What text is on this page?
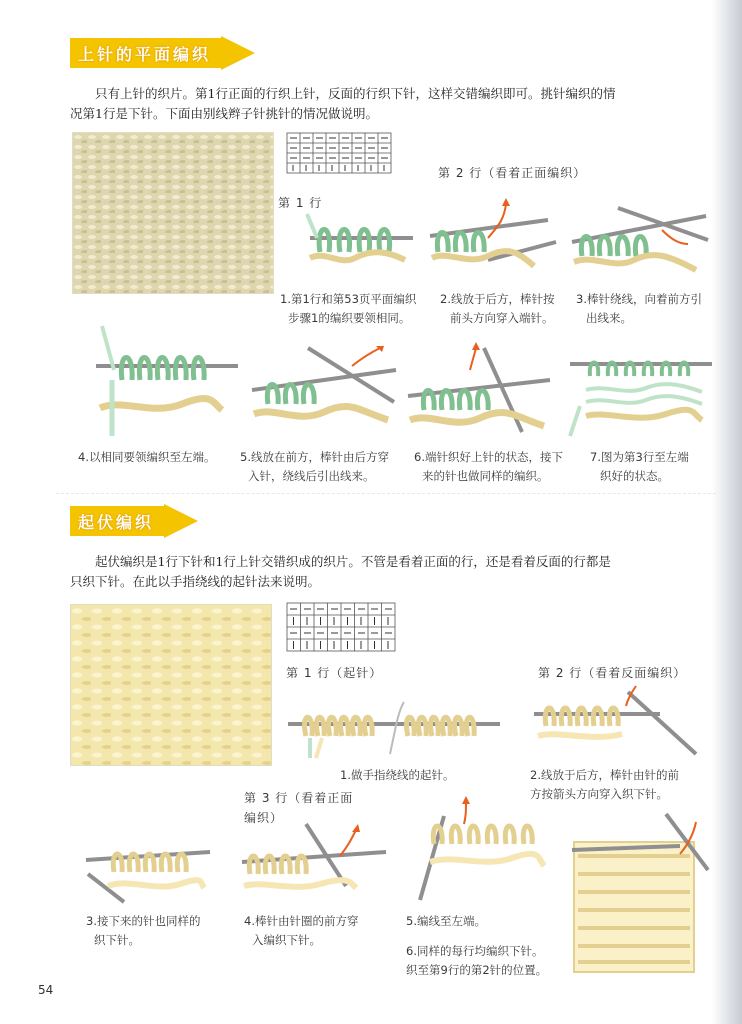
上针的平面编织
只有上针的织片。第1行正面的行织上针，反面的行织下针，这样交错编织即可。挑针编织的情
况第1行是下针。下面由别线辫子针挑针的情况做说明。
第 2 行（看着正面编织）
第 1 行
1.第1行和第53页平面编织
步骤1的编织要领相同。
2.线放于后方，棒针按
前头方向穿入端针。
3.棒针绕线，向着前方引
出线来。
4.以相同要领编织至左端。	5.线放在前方，棒针由后方穿
入针，绕线后引出线来。
6.端针织好上针的状态，接下
来的针也做同样的编织。
7.图为第3行至左端
织好的状态。
起伏编织
起伏编织是1行下针和1行上针交错织成的织片。不管是看着正面的行，还是看着反面的行都是
只织下针。在此以手指绕线的起针法来说明。
第 1 行（起针）	第 2 行（看着反面编织）
1.做手指绕线的起针。	2.线放于后方，棒针由针的前
方按箭头方向穿入织下针。
第 3 行（看着正面
编织）
3.接下来的针也同样的
织下针。
4.棒针由针圈的前方穿
入编织下针。
5.编线至左端。
6.同样的每行均编织下针。
织至第9行的第2针的位置。
54
